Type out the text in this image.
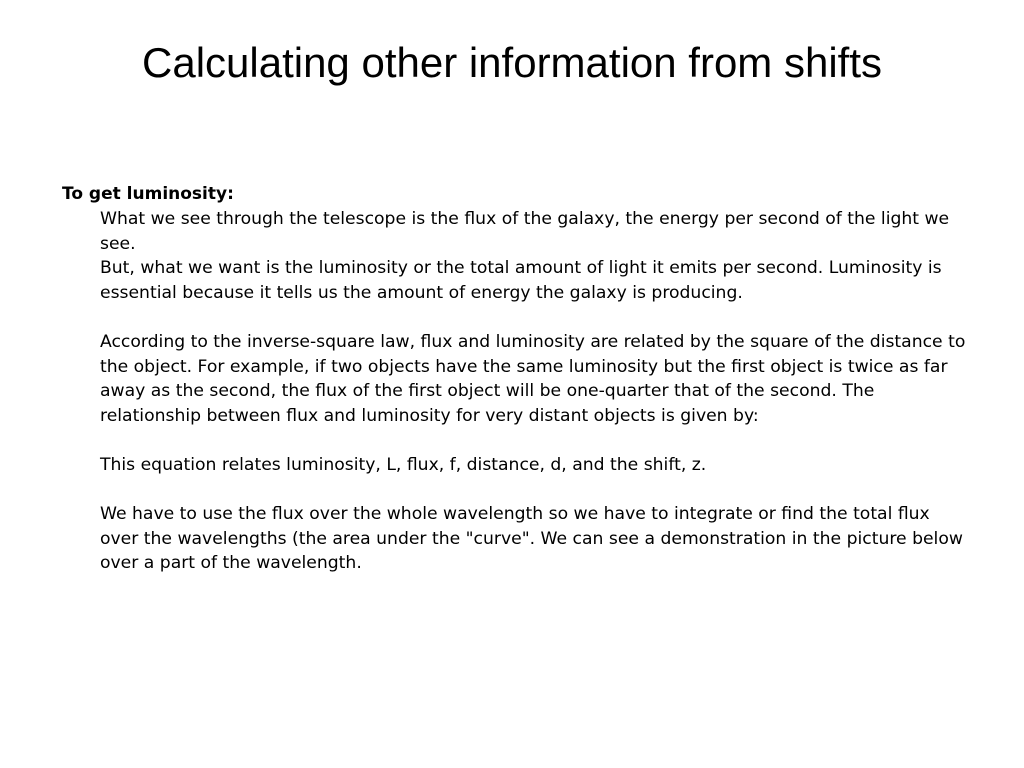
Calculating other information from shifts

To get luminosity:

What we see through the telescope is the flux of the galaxy, the energy per second of the light we see.

But, what we want is the luminosity or the total amount of light it emits per second. Luminosity is essential because it tells us the amount of energy the galaxy is producing.

According to the inverse-square law, flux and luminosity are related by the square of the distance to the object. For example, if two objects have the same luminosity but the first object is twice as far away as the second, the flux of the first object will be one-quarter that of the second. The relationship between flux and luminosity for very distant objects is given by:

This equation relates luminosity, L, flux, f, distance, d, and the shift, z.

We have to use the flux over the whole wavelength so we have to integrate or find the total flux over the wavelengths (the area under the "curve". We can see a demonstration in the picture below over a part of the wavelength.
